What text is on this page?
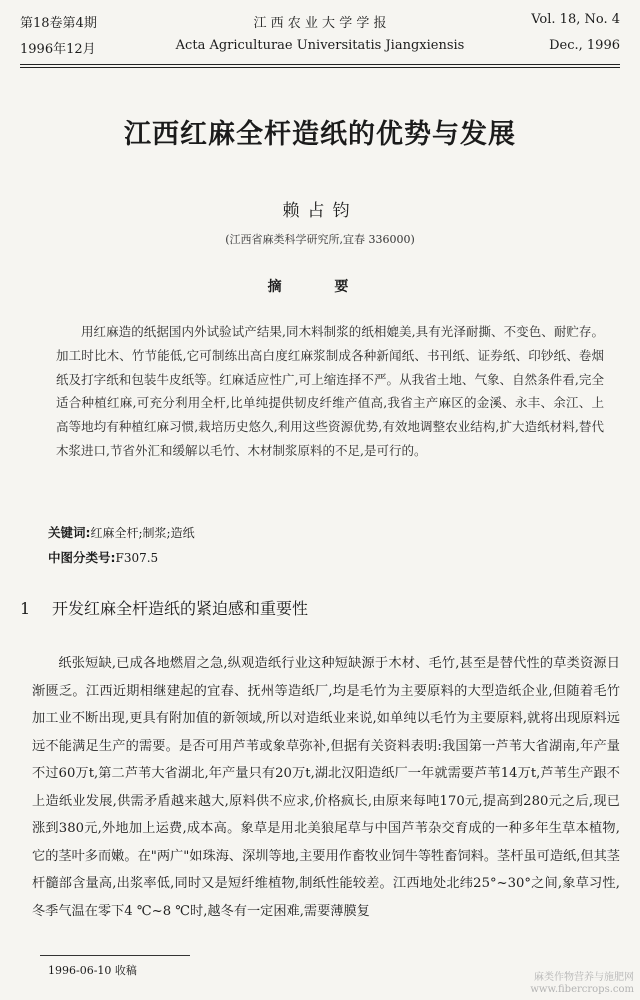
第18卷第4期	江 西 农 业 大 学 学 报	Vol. 18, No. 4
1996年12月	Acta Agriculturae Universitatis Jiangxiensis	Dec., 1996
江西红麻全杆造纸的优势与发展
赖占钧
(江西省麻类科学研究所,宜春 336000)
摘 要

用红麻造的纸据国内外试验试产结果,同木料制浆的纸相媲美,具有光泽耐撕、不变色、耐贮存。加工时比木、竹节能低,它可制练出高白度红麻浆制成各种新闻纸、书刊纸、证券纸、印钞纸、卷烟纸及打字纸和包装牛皮纸等。红麻适应性广,可上缩连择不严。从我省土地、气象、自然条件看,完全适合种植红麻,可充分利用全杆,比单纯提供韧皮纤维产值高,我省主产麻区的金溪、永丰、余江、上高等地均有种植红麻习惯,栽培历史悠久,利用这些资源优势,有效地调整农业结构,扩大造纸材料,替代木浆进口,节省外汇和缓解以毛竹、木材制浆原料的不足,是可行的。

关键词:红麻全杆;制浆;造纸
中图分类号:F307.5
1 开发红麻全杆造纸的紧迫感和重要性

纸张短缺,已成各地燃眉之急,纵观造纸行业这种短缺源于木材、毛竹,甚至是替代性的草类资源日渐匮乏。江西近期相继建起的宜春、抚州等造纸厂,均是毛竹为主要原料的大型造纸企业,但随着毛竹加工业不断出现,更具有附加值的新领域,所以对造纸业来说,如单纯以毛竹为主要原料,就将出现原料远远不能满足生产的需要。是否可用芦苇或象草弥补,但据有关资料表明:我国第一芦苇大省湖南,年产量不过60万t,第二芦苇大省湖北,年产量只有20万t,湖北汉阳造纸厂一年就需要芦苇14万t,芦苇生产跟不上造纸业发展,供需矛盾越来越大,原料供不应求,价格疯长,由原来每吨170元,提高到280元之后,现已涨到380元,外地加上运费,成本高。象草是用北美狼尾草与中国芦苇杂交育成的一种多年生草本植物,它的茎叶多而嫩。在"两广"如珠海、深圳等地,主要用作畜牧业饲牛等牲畜饲料。茎杆虽可造纸,但其茎杆髓部含量高,出浆率低,同时又是短纤维植物,制纸性能较差。江西地处北纬25°~30°之间,象草习性,冬季气温在零下4 ℃~8 ℃时,越冬有一定困难,需要薄膜复

1996-06-10 收稿
麻类作物营养与施肥网
www.fibercrops.com
